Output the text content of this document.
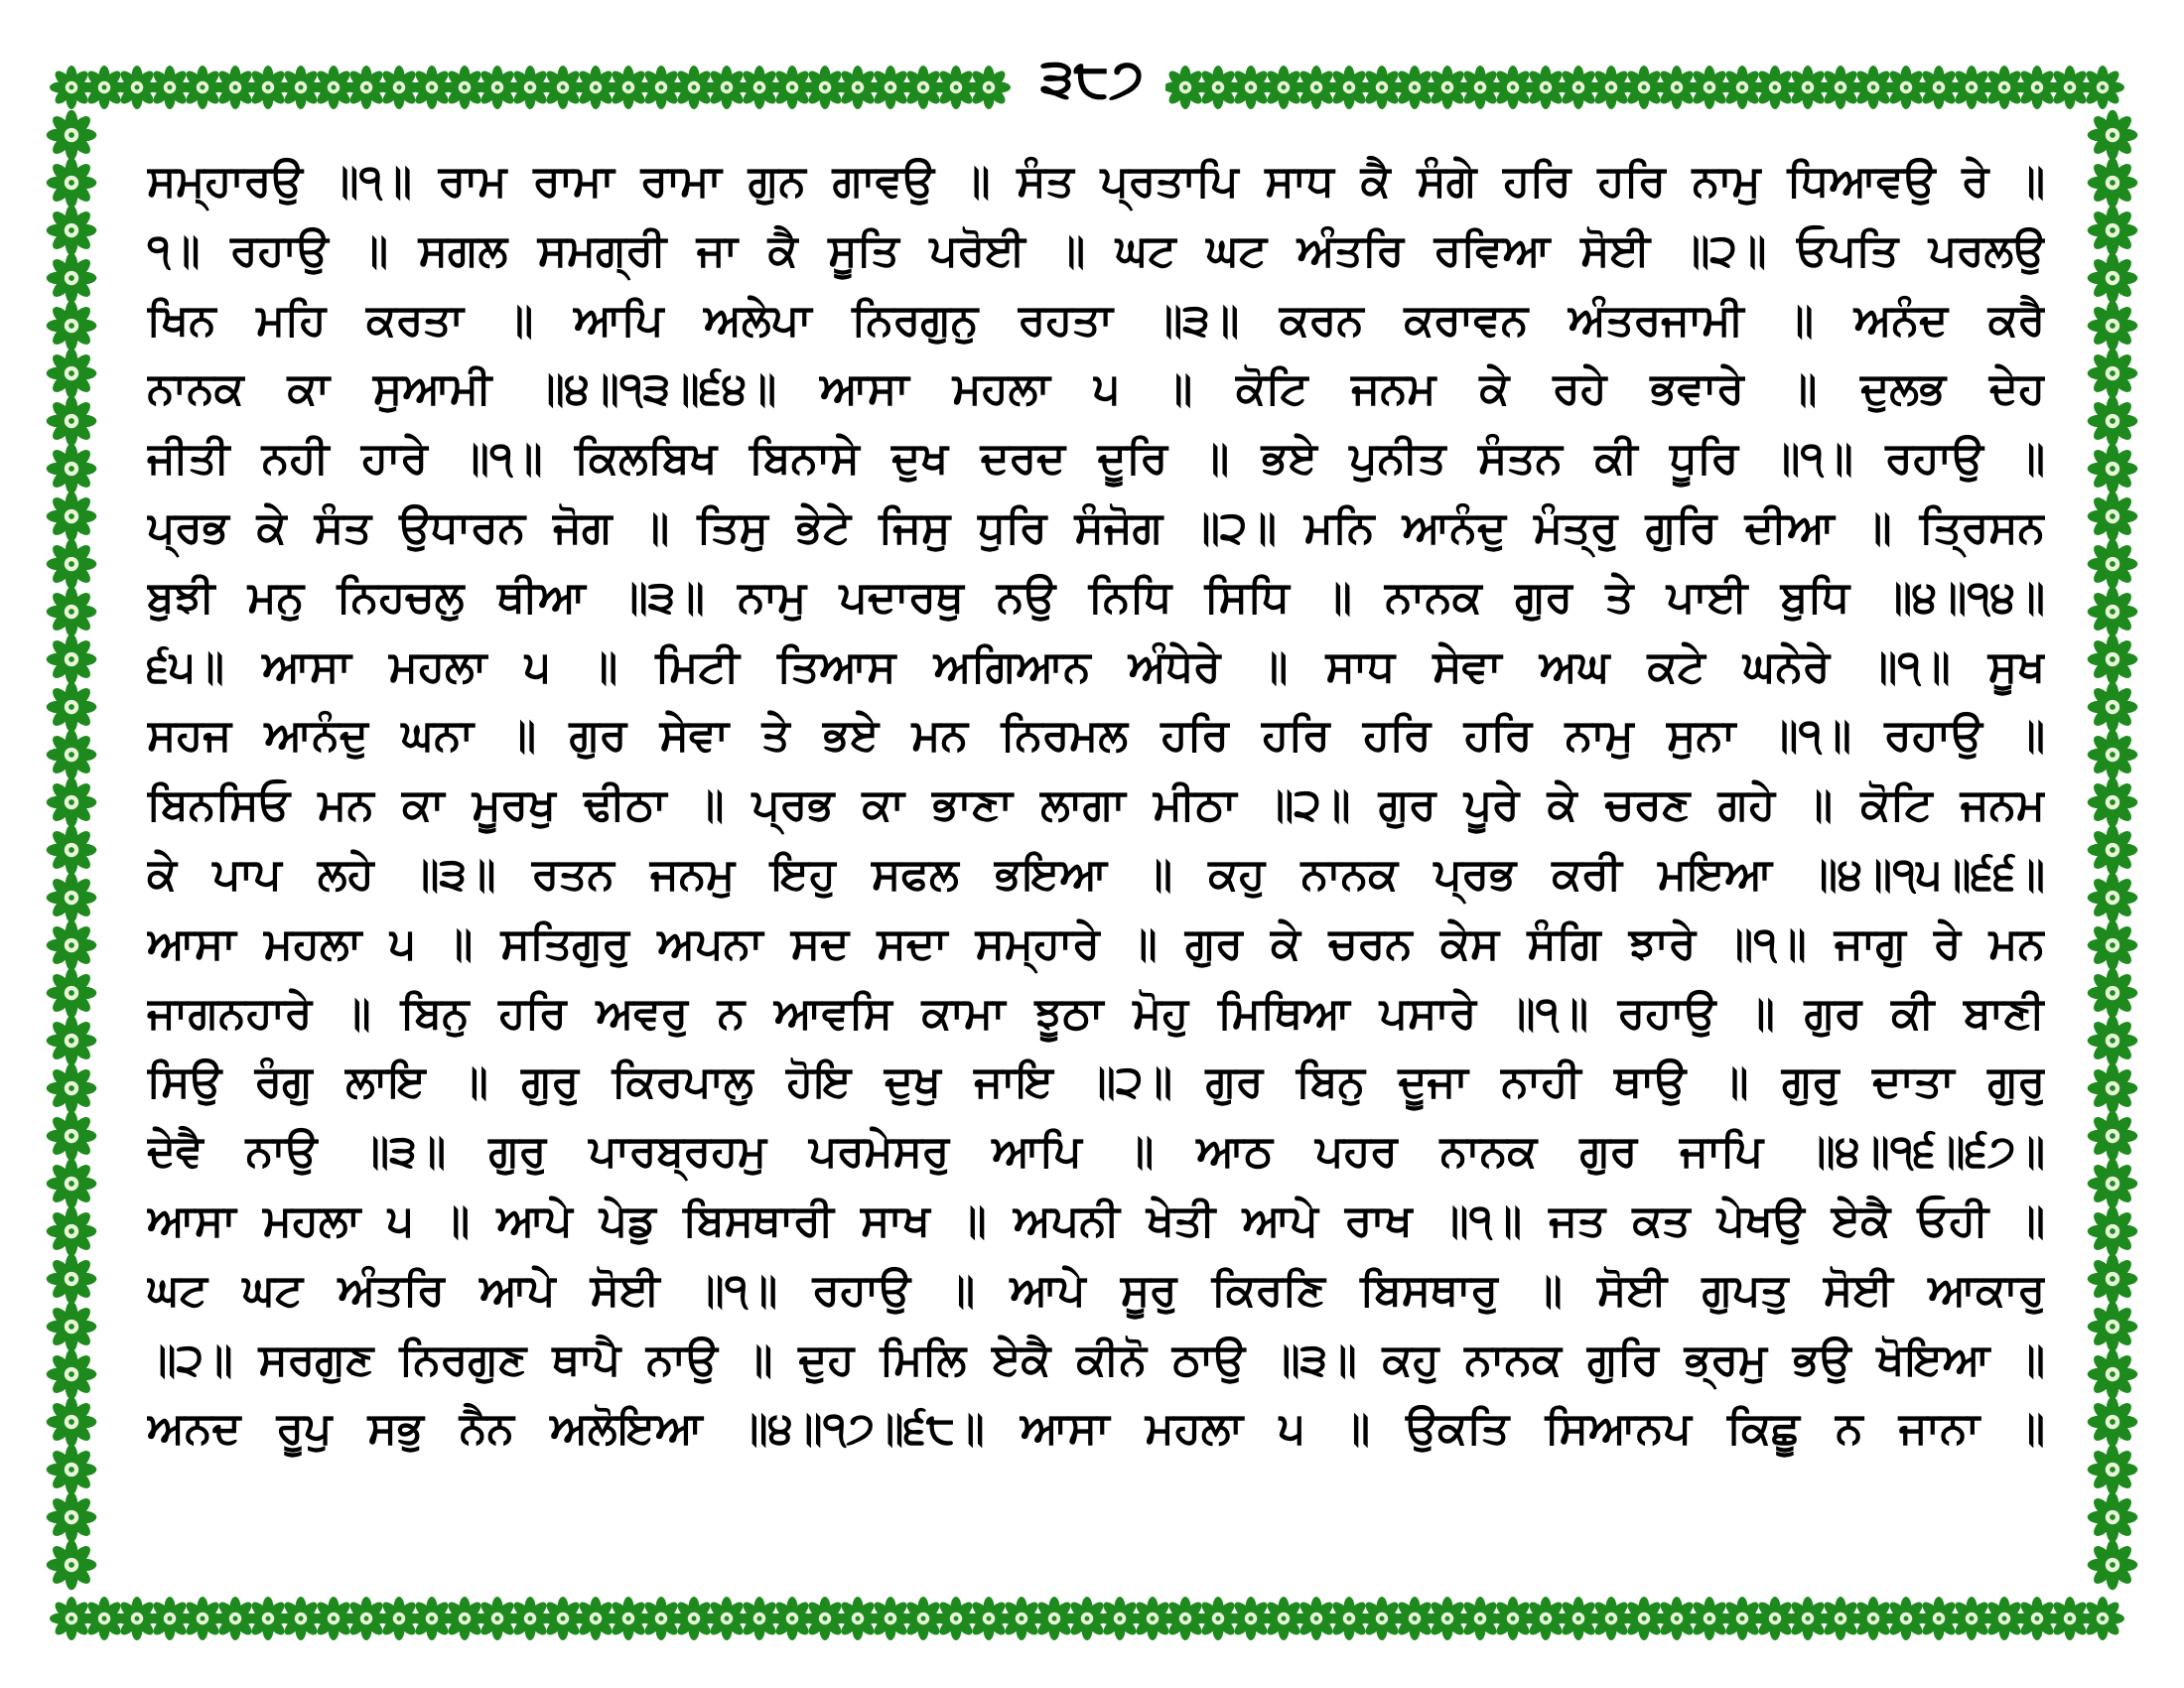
੩੮੭
ਸਮ੍ਹਾਰਉ ॥੧॥ ਰਾਮ ਰਾਮਾ ਰਾਮਾ ਗੁਨ ਗਾਵਉ ॥ ਸੰਤ ਪ੍ਰਤਾਪਿ ਸਾਧ ਕੈ ਸੰਗੇ ਹਰਿ ਹਰਿ ਨਾਮੁ ਧਿਆਵਉ ਰੇ ॥
੧॥ ਰਹਾਉ ॥ ਸਗਲ ਸਮਗ੍ਰੀ ਜਾ ਕੈ ਸੂਤਿ ਪਰੋਈ ॥ ਘਟ ਘਟ ਅੰਤਰਿ ਰਵਿਆ ਸੋਈ ॥੨॥ ਓਪਤਿ ਪਰਲਉ
ਖਿਨ ਮਹਿ ਕਰਤਾ ॥ ਆਪਿ ਅਲੇਪਾ ਨਿਰਗੁਨੁ ਰਹਤਾ ॥੩॥ ਕਰਨ ਕਰਾਵਨ ਅੰਤਰਜਾਮੀ ॥ ਅਨੰਦ ਕਰੈ
ਨਾਨਕ ਕਾ ਸੁਆਮੀ ॥੪॥੧੩॥੬੪॥ ਆਸਾ ਮਹਲਾ ੫ ॥ ਕੋਟਿ ਜਨਮ ਕੇ ਰਹੇ ਭਵਾਰੇ ॥ ਦੁਲਭ ਦੇਹ
ਜੀਤੀ ਨਹੀ ਹਾਰੇ ॥੧॥ ਕਿਲਬਿਖ ਬਿਨਾਸੇ ਦੁਖ ਦਰਦ ਦੂਰਿ ॥ ਭਏ ਪੁਨੀਤ ਸੰਤਨ ਕੀ ਧੂਰਿ ॥੧॥ ਰਹਾਉ ॥
ਪ੍ਰਭ ਕੇ ਸੰਤ ਉਧਾਰਨ ਜੋਗ ॥ ਤਿਸੁ ਭੇਟੇ ਜਿਸੁ ਧੁਰਿ ਸੰਜੋਗ ॥੨॥ ਮਨਿ ਆਨੰਦੁ ਮੰਤ੍ਰੁ ਗੁਰਿ ਦੀਆ ॥ ਤ੍ਰਿਸਨ
ਬੁਝੀ ਮਨੁ ਨਿਹਚਲੁ ਥੀਆ ॥੩॥ ਨਾਮੁ ਪਦਾਰਥੁ ਨਉ ਨਿਧਿ ਸਿਧਿ ॥ ਨਾਨਕ ਗੁਰ ਤੇ ਪਾਈ ਬੁਧਿ ॥੪॥੧੪॥
੬੫॥ ਆਸਾ ਮਹਲਾ ੫ ॥ ਮਿਟੀ ਤਿਆਸ ਅਗਿਆਨ ਅੰਧੇਰੇ ॥ ਸਾਧ ਸੇਵਾ ਅਘ ਕਟੇ ਘਨੇਰੇ ॥੧॥ ਸੂਖ
ਸਹਜ ਆਨੰਦੁ ਘਨਾ ॥ ਗੁਰ ਸੇਵਾ ਤੇ ਭਏ ਮਨ ਨਿਰਮਲ ਹਰਿ ਹਰਿ ਹਰਿ ਹਰਿ ਨਾਮੁ ਸੁਨਾ ॥੧॥ ਰਹਾਉ ॥
ਬਿਨਸਿਓ ਮਨ ਕਾ ਮੂਰਖੁ ਢੀਠਾ ॥ ਪ੍ਰਭ ਕਾ ਭਾਣਾ ਲਾਗਾ ਮੀਠਾ ॥੨॥ ਗੁਰ ਪੂਰੇ ਕੇ ਚਰਣ ਗਹੇ ॥ ਕੋਟਿ ਜਨਮ
ਕੇ ਪਾਪ ਲਹੇ ॥੩॥ ਰਤਨ ਜਨਮੁ ਇਹੁ ਸਫਲ ਭਇਆ ॥ ਕਹੁ ਨਾਨਕ ਪ੍ਰਭ ਕਰੀ ਮਇਆ ॥੪॥੧੫॥੬੬॥
ਆਸਾ ਮਹਲਾ ੫ ॥ ਸਤਿਗੁਰੁ ਅਪਨਾ ਸਦ ਸਦਾ ਸਮ੍ਹਾਰੇ ॥ ਗੁਰ ਕੇ ਚਰਨ ਕੇਸ ਸੰਗਿ ਝਾਰੇ ॥੧॥ ਜਾਗੁ ਰੇ ਮਨ
ਜਾਗਨਹਾਰੇ ॥ ਬਿਨੁ ਹਰਿ ਅਵਰੁ ਨ ਆਵਸਿ ਕਾਮਾ ਝੂਠਾ ਮੋਹੁ ਮਿਥਿਆ ਪਸਾਰੇ ॥੧॥ ਰਹਾਉ ॥ ਗੁਰ ਕੀ ਬਾਣੀ
ਸਿਉ ਰੰਗੁ ਲਾਇ ॥ ਗੁਰੁ ਕਿਰਪਾਲੁ ਹੋਇ ਦੁਖੁ ਜਾਇ ॥੨॥ ਗੁਰ ਬਿਨੁ ਦੂਜਾ ਨਾਹੀ ਥਾਉ ॥ ਗੁਰੁ ਦਾਤਾ ਗੁਰੁ
ਦੇਵੈ ਨਾਉ ॥੩॥ ਗੁਰੁ ਪਾਰਬ੍ਰਹਮੁ ਪਰਮੇਸਰੁ ਆਪਿ ॥ ਆਠ ਪਹਰ ਨਾਨਕ ਗੁਰ ਜਾਪਿ ॥੪॥੧੬॥੬੭॥
ਆਸਾ ਮਹਲਾ ੫ ॥ ਆਪੇ ਪੇਡੁ ਬਿਸਥਾਰੀ ਸਾਖ ॥ ਅਪਨੀ ਖੇਤੀ ਆਪੇ ਰਾਖ ॥੧॥ ਜਤ ਕਤ ਪੇਖਉ ਏਕੈ ਓਹੀ ॥
ਘਟ ਘਟ ਅੰਤਰਿ ਆਪੇ ਸੋਈ ॥੧॥ ਰਹਾਉ ॥ ਆਪੇ ਸੂਰੁ ਕਿਰਣਿ ਬਿਸਥਾਰੁ ॥ ਸੋਈ ਗੁਪਤੁ ਸੋਈ ਆਕਾਰੁ
॥੨॥ ਸਰਗੁਣ ਨਿਰਗੁਣ ਥਾਪੈ ਨਾਉ ॥ ਦੁਹ ਮਿਲਿ ਏਕੈ ਕੀਨੋ ਠਾਉ ॥੩॥ ਕਹੁ ਨਾਨਕ ਗੁਰਿ ਭ੍ਰਮੁ ਭਉ ਖੋਇਆ ॥
ਅਨਦ ਰੂਪੁ ਸਭੁ ਨੈਨ ਅਲੋਇਆ ॥੪॥੧੭॥੬੮॥ ਆਸਾ ਮਹਲਾ ੫ ॥ ਉਕਤਿ ਸਿਆਨਪ ਕਿਛੂ ਨ ਜਾਨਾ ॥
